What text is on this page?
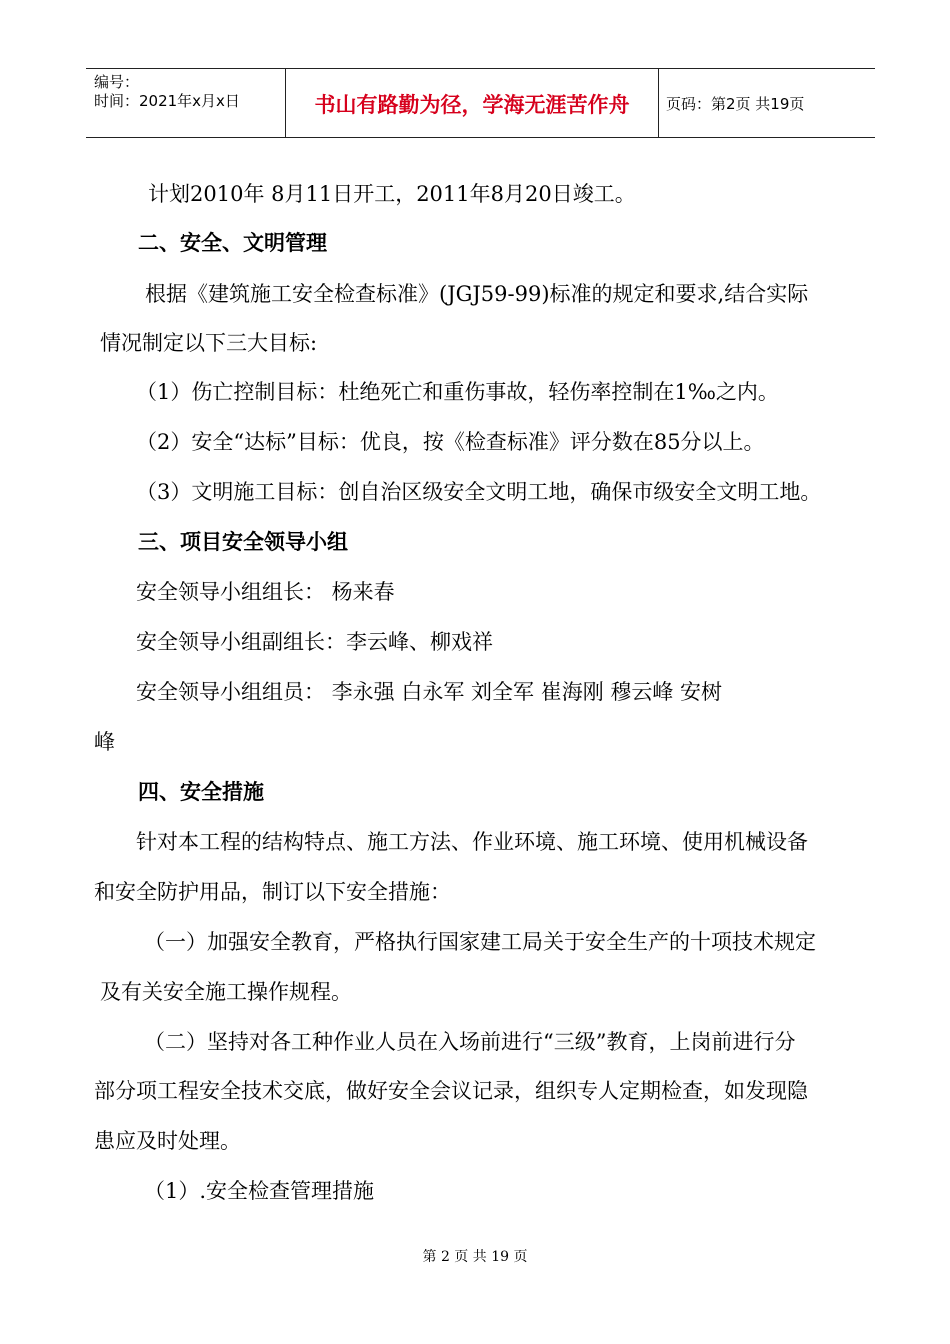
编号：
时间：2021年x月x日	书山有路勤为径，学海无涯苦作舟	页码：第2页 共19页
计划2010年 8月11日开工，2011年8月20日竣工。
二、安全、文明管理
根据《建筑施工安全检查标准》(JGJ59-99)标准的规定和要求,结合实际
情况制定以下三大目标:
（1）伤亡控制目标：杜绝死亡和重伤事故，轻伤率控制在1‰之内。
（2）安全“达标”目标：优良，按《检查标准》评分数在85分以上。
（3）文明施工目标：创自治区级安全文明工地，确保市级安全文明工地。
三、项目安全领导小组
安全领导小组组长： 杨来春
安全领导小组副组长：李云峰、柳戏祥
安全领导小组组员： 李永强 白永军 刘全军 崔海刚 穆云峰 安树
峰
四、安全措施
针对本工程的结构特点、施工方法、作业环境、施工环境、使用机械设备
和安全防护用品，制订以下安全措施：
（一）加强安全教育，严格执行国家建工局关于安全生产的十项技术规定
及有关安全施工操作规程。
（二）坚持对各工种作业人员在入场前进行“三级”教育，上岗前进行分
部分项工程安全技术交底，做好安全会议记录，组织专人定期检查，如发现隐
患应及时处理。
（1）.安全检查管理措施
第 2 页 共 19 页
